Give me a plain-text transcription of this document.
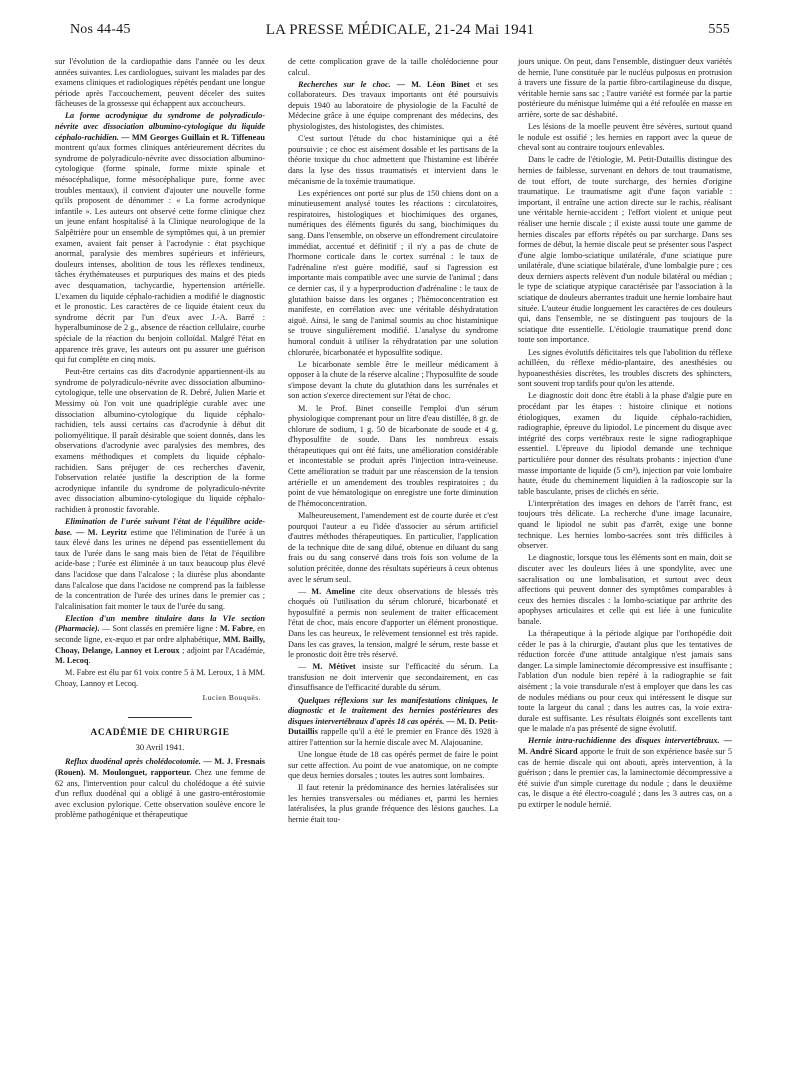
Nos 44-45	LA PRESSE MÉDICALE, 21-24 Mai 1941	555

sur l'évolution de la cardiopathie dans l'année ou les deux années suivantes. Les cardiologues, suivant les malades par des examens cliniques et radiologiques répétés pendant une longue période après l'accouchement, peuvent déceler des suites fâcheuses de la grossesse qui échappent aux accoucheurs.

La forme acrodynique du syndrome de polyradiculo-névrite avec dissociation albumino-cytologique du liquide céphalo-rachidien. — MM Georges Guillain et R. Tiffeneau montrent qu'aux formes cliniques antérieurement décrites du syndrome de polyradiculo-névrite avec dissociation albumino-cytologique (forme spinale, forme mixte spinale et mésocéphalique, forme mésocéphalique pure, forme avec troubles mentaux), il convient d'ajouter une nouvelle forme qu'ils proposent de dénommer : « La forme acrodynique infantile ». Les auteurs ont observé cette forme clinique chez un jeune enfant hospitalisé à la Clinique neurologique de la Salpêtrière pour un ensemble de symptômes qui, à un premier examen, avaient fait penser à l'acrodynie : état psychique anormal, paralysie des membres supérieurs et inférieurs, douleurs intenses, abolition de tous les réflexes tendineux, tâches érythémateuses et purpuriques des mains et des pieds avec desquamation, tachycardie, hypertension artérielle. L'examen du liquide céphalo-rachidien a modifié le diagnostic et le pronostic. Les caractères de ce liquide étaient ceux du syndrome décrit par l'un d'eux avec J.-A. Barré : hyperalbuminose de 2 g., absence de réaction cellulaire, courbe spéciale de la réaction du benjoin colloïdal. Malgré l'état en apparence très grave, les auteurs ont pu assurer une guérison qui fut complète en cinq mois.

Peut-être certains cas dits d'acrodynie appartiennent-ils au syndrome de polyradiculo-névrite avec dissociation albumino-cytologique, telle une observation de R. Debré, Julien Marie et Messimy où l'on voit une quadriplégie curable avec une dissociation albumino-cytologique du liquide céphalo-rachidien, tels aussi certains cas d'acrodynie à début dit poliomyélitique. Il paraît désirable que soient donnés, dans les observations d'acrodynie avec paralysies des membres, des examens méthodiques et complets du liquide céphalo-rachidien. Sans préjuger de ces recherches d'avenir, l'observation relatée justifie la description de la forme acrodynique infantile du syndrome de polyradiculo-névrite avec dissociation albumino-cytologique du liquide céphalo-rachidien à pronostic favorable.

Elimination de l'urée suivant l'état de l'équilibre acide-base. — M. Leyritz estime que l'élimination de l'urée à un taux élevé dans les urines ne dépend pas essentiellement du taux de l'urée dans le sang mais bien de l'état de l'équilibre acide-base ; l'urée est éliminée à un taux beaucoup plus élevé dans l'acidose que dans l'alcalose ; la diurèse plus abondante dans l'alcalose que dans l'acidose ne comprend pas la faiblesse de la concentration de l'urée des urines dans le premier cas ; l'alcalinisation fait monter le taux de l'urée du sang.

Election d'un membre titulaire dans la VIe section (Pharmacie). — Sont classés en première ligne : M. Fabre, en seconde ligne, ex-æquo et par ordre alphabétique, MM. Bailly, Choay, Delange, Lannoy et Leroux ; adjoint par l'Académie, M. Lecoq.

M. Fabre est élu par 61 voix contre 5 à M. Leroux, 1 à MM. Choay, Lannoy et Lecoq.

Lucien Bouquès.

ACADÉMIE DE CHIRURGIE

30 Avril 1941.

Reflux duodénal après cholédocotomie. — M. J. Fresnais (Rouen). M. Moulonguet, rapporteur. Chez une femme de 62 ans, l'intervention pour calcul du cholédoque a été suivie d'un reflux duodénal qui a obligé à une gastro-entérostomie avec exclusion pylorique. Cette observation soulève encore le problème pathogénique et thérapeutique

de cette complication grave de la taille cholédocienne pour calcul.

Recherches sur le choc. — M. Léon Binet et ses collaborateurs. Des travaux importants ont été poursuivis depuis 1940 au laboratoire de physiologie de la Faculté de Médecine grâce à une équipe comprenant des médecins, des physiologistes, des histologistes, des chimistes.

C'est surtout l'étude du choc histaminique qui a été poursuivie ; ce choc est aisément dosable et les partisans de la théorie toxique du choc admettent que l'histamine est libérée dans la lyse des tissus traumatisés et intervient dans le mécanisme de la toxémie traumatique.

Les expériences ont porté sur plus de 150 chiens dont on a minutieusement analysé toutes les réactions : circulatoires, respiratoires, histologiques et biochimiques des organes, numériques des éléments figurés du sang, biochimiques du sang. Dans l'ensemble, on observe un effondrement circulatoire immédiat, accentué et définitif ; il n'y a pas de chute de l'hormone corticale dans le cortex surrénal : le taux de l'adrénaline n'est guère modifié, sauf si l'agression est importante mais compatible avec une survie de l'animal ; dans ce dernier cas, il y a hyperproduction d'adrénaline : le taux de glutathion baisse dans les organes ; l'hémoconcentration est manifeste, en corrélation avec une véritable déshydratation aiguë. Ainsi, le sang de l'animal soumis au choc histaminique se trouve singulièrement modifié. L'analyse du syndrome humoral conduit à utiliser la réhydratation par une solution chlorurée, bicarbonatée et hyposulfite sodique.

Le bicarbonate semble être le meilleur médicament à opposer à la chute de la réserve alcaline ; l'hyposulfite de soude s'impose devant la chute du glutathion dans les surrénales et son action s'exerce directement sur l'état de choc.

M. le Prof. Binet conseille l'emploi d'un sérum physiologique comprenant pour un litre d'eau distillée, 8 gr. de chlorure de sodium, 1 g. 50 de bicarbonate de soude et 4 g. d'hyposulfite de soude. Dans les nombreux essais thérapeutiques qui ont été faits, une amélioration considérable et incontestable se produit après l'injection intra-veineuse. Cette amélioration se traduit par une réascension de la tension artérielle et un amendement des troubles respiratoires ; du point de vue hématologique on enregistre une forte diminution de l'hémoconcentration.

Malheureusement, l'amendement est de courte durée et c'est pourquoi l'auteur a eu l'idée d'associer au sérum artificiel d'autres méthodes thérapeutiques. En particulier, l'application de la technique dite de sang dilué, obtenue en diluant du sang frais ou du sang conservé dans trois fois son volume de la solution précitée, donne des résultats supérieurs à ceux obtenus avec le sérum seul.

— M. Ameline cite deux observations de blessés très choqués où l'utilisation du sérum chloruré, bicarbonaté et hyposulfité a permis non seulement de traiter efficacement l'état de choc, mais encore d'apporter un élément pronostique. Dans les cas heureux, le relèvement tensionnel est très rapide. Dans les cas graves, la tension, malgré le sérum, reste basse et le pronostic doit être très réservé.

— M. Métivet insiste sur l'efficacité du sérum. La transfusion ne doit intervenir que secondairement, en cas d'insuffisance de l'efficacité durable du sérum.

Quelques réflexions sur les manifestations cliniques, le diagnostic et le traitement des hernies postérieures des disques intervertébraux d'après 18 cas opérés. — M. D. Petit-Dutaillis rappelle qu'il a été le premier en France dès 1928 à attirer l'attention sur la hernie discale avec M. Alajouanine.

Une longue étude de 18 cas opérés permet de faire le point sur cette affection. Au point de vue anatomique, on ne compte que deux hernies dorsales ; toutes les autres sont lombaires.

Il faut retenir la prédominance des hernies latéralisées sur les hernies transversales ou médianes et, parmi les hernies latéralisées, la plus grande fréquence des lésions gauches. La hernie était tou-

jours unique. On peut, dans l'ensemble, distinguer deux variétés de hernie, l'une constituée par le nucléus pulposus en protrusion à travers une fissure de la partie fibro-cartilagineuse du disque, véritable hernie sans sac ; l'autre variété est formée par la partie postérieure du ménisque luiméme qui a été refoulée en masse en arrière, sorte de sac déshabité.

Les lésions de la moelle peuvent être sévères, surtout quand le nodule est ossifié ; les hernies en rapport avec la queue de cheval sont au contraire toujours enlevables.

Dans le cadre de l'étiologie, M. Petit-Dutaillis distingue des hernies de faiblesse, survenant en dehors de tout traumatisme, de tout effort, de toute surcharge, des hernies d'origine traumatique. Le traumatisme agit d'une façon variable : important, il entraîne une action directe sur le rachis, réalisant une véritable hernie-accident ; l'effort violent et unique peut réaliser une hernie discale ; il existe aussi toute une gamme de hernies discales par efforts répétés ou par surcharge. Dans ses formes de début, la hernie discale peut se présenter sous l'aspect d'une algie lombo-sciatique unilatérale, d'une sciatique pure unilatérale, d'une sciatique bilatérale, d'une lombalgie pure ; ces deux derniers aspects relèvent d'un nodule bilatéral ou médian ; le type de sciatique atypique caractérisée par l'association à la sciatique de douleurs aberrantes traduit une hernie lombaire haut située. L'auteur étudie longuement les caractères de ces douleurs qui, dans l'ensemble, ne se distinguent pas toujours de la sciatique dite essentielle. L'étiologie traumatique prend donc toute son importance.

Les signes évolutifs déficitaires tels que l'abolition du réflexe achilléen, du réflexe médio-plantaire, des anesthésies ou hypoanesthésies discrètes, les troubles discrets des sphincters, sont souvent trop tardifs pour qu'on les attende.

Le diagnostic doit donc être établi à la phase d'algie pure en procédant par les étapes : histoire clinique et notions étiologiques, examen du liquide céphalo-rachidien, radiographie, épreuve du lipiodol. Le pincement du disque avec intégrité des corps vertébraux reste le signe radiographique essentiel. L'épreuve du lipiodol demande une technique particulière pour donner des résultats probants : injection d'une masse importante de liquide (5 cm³), injection par voie lombaire haute, étude du cheminement liquidien à la radioscopie sur la table basculante, prises de clichés en série.

L'interprétation des images en dehors de l'arrêt franc, est toujours très délicate. La recherche d'une image lacunaire, quand le lipiodol ne subit pas d'arrêt, exige une bonne technique. Les hernies lombo-sacrées sont très difficiles à observer.

Le diagnostic, lorsque tous les éléments sont en main, doit se discuter avec les douleurs liées à une spondylite, avec une sacralisation ou une lombalisation, et surtout avec deux affections qui peuvent donner des symptômes comparables à ceux des hernies discales : la lombo-sciatique par arthrite des apophyses articulaires et celle qui est liée à une funiculite banale.

La thérapeutique à la période algique par l'orthopédie doit céder le pas à la chirurgie, d'autant plus que les tentatives de réduction forcée d'une attitude antalgique n'est jamais sans danger. La simple laminectomie décompressive est insuffisante ; l'ablation d'un nodule bien repéré à la radiographie se fait aisément ; la voie transdurale n'est à employer que dans les cas de nodules médians ou pour ceux qui intéressent le disque sur toute la largeur du canal ; dans les autres cas, la voie extra-durale est suffisante. Les résultats éloignés sont excellents tant que le malade n'a pas présenté de signe évolutif.

Hernie intra-rachidienne des disques intervertébraux. — M. André Sicard apporte le fruit de son expérience basée sur 5 cas de hernie discale qui ont abouti, après intervention, à la guérison ; dans le premier cas, la laminectomie décompressive a été suivie d'un simple curettage du nodule ; dans le deuxième cas, le disque a été électro-coagulé ; dans les 3 autres cas, on a pu extirper le nodule hernié.
